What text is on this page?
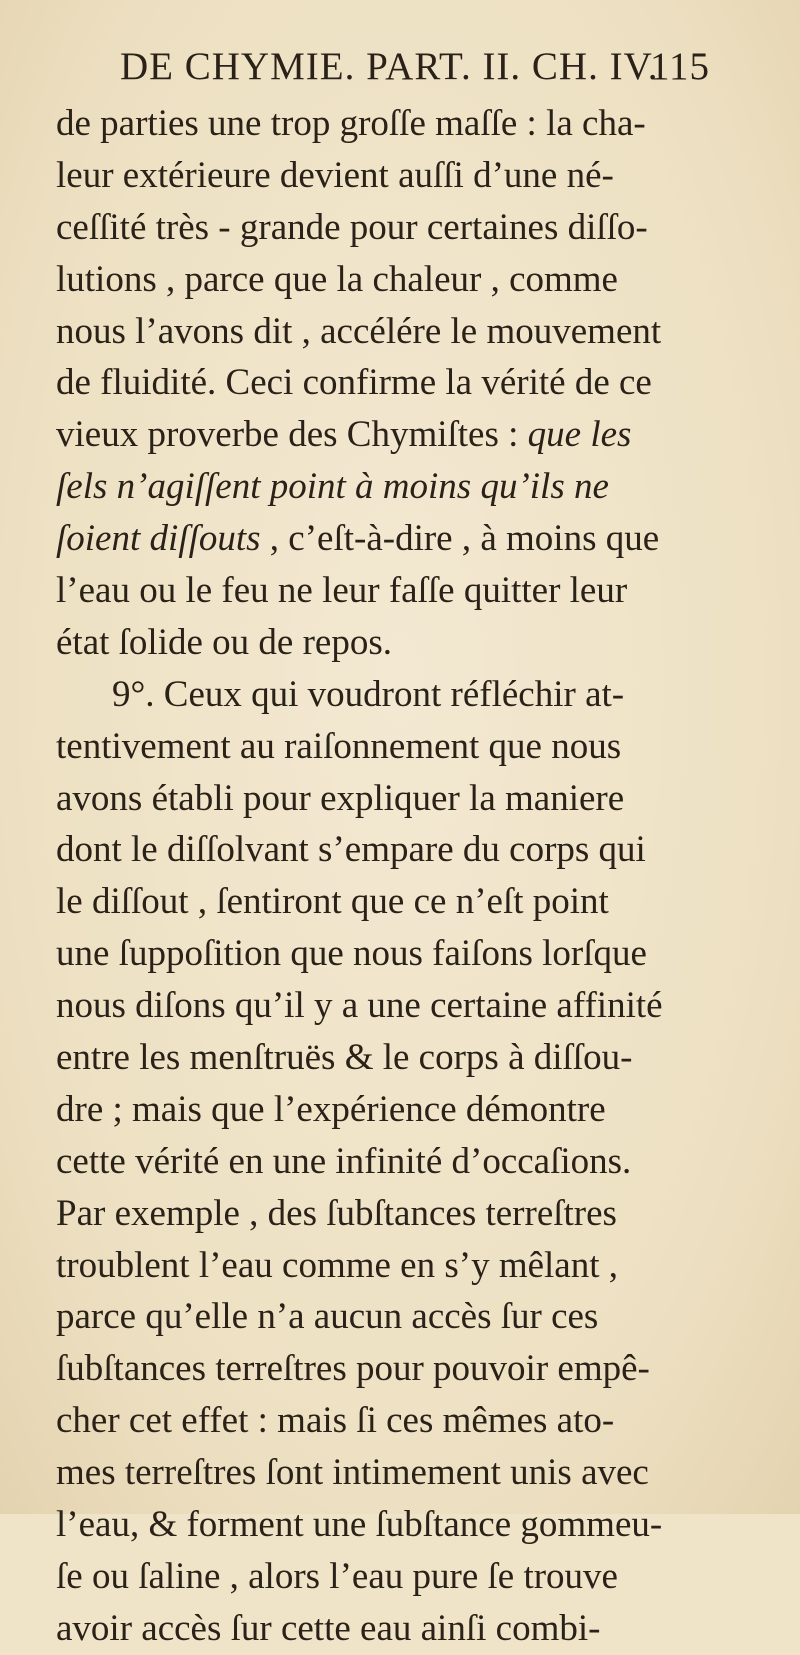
DE CHYMIE. PART. II. CH. IV.
115
de parties une trop groſſe maſſe : la cha-
leur extérieure devient auſſi d’une né-
ceſſité très - grande pour certaines diſſo-
lutions , parce que la chaleur , comme
nous l’avons dit , accélére le mouvement
de fluidité. Ceci confirme la vérité de ce
vieux proverbe des Chymiſtes : que les
ſels n’agiſſent point à moins qu’ils ne
ſoient diſſouts , c’eſt-à-dire , à moins que
l’eau ou le feu ne leur faſſe quitter leur
état ſolide ou de repos.
9°. Ceux qui voudront réfléchir at-
tentivement au raiſonnement que nous
avons établi pour expliquer la maniere
dont le diſſolvant s’empare du corps qui
le diſſout , ſentiront que ce n’eſt point
une ſuppoſition que nous faiſons lorſque
nous diſons qu’il y a une certaine affinité
entre les menſtruës & le corps à diſſou-
dre ; mais que l’expérience démontre
cette vérité en une infinité d’occaſions.
Par exemple , des ſubſtances terreſtres
troublent l’eau comme en s’y mêlant ,
parce qu’elle n’a aucun accès ſur ces
ſubſtances terreſtres pour pouvoir empê-
cher cet effet : mais ſi ces mêmes ato-
mes terreſtres ſont intimement unis avec
l’eau, & forment une ſubſtance gommeu-
ſe ou ſaline , alors l’eau pure ſe trouve
avoir accès ſur cette eau ainſi combi-
